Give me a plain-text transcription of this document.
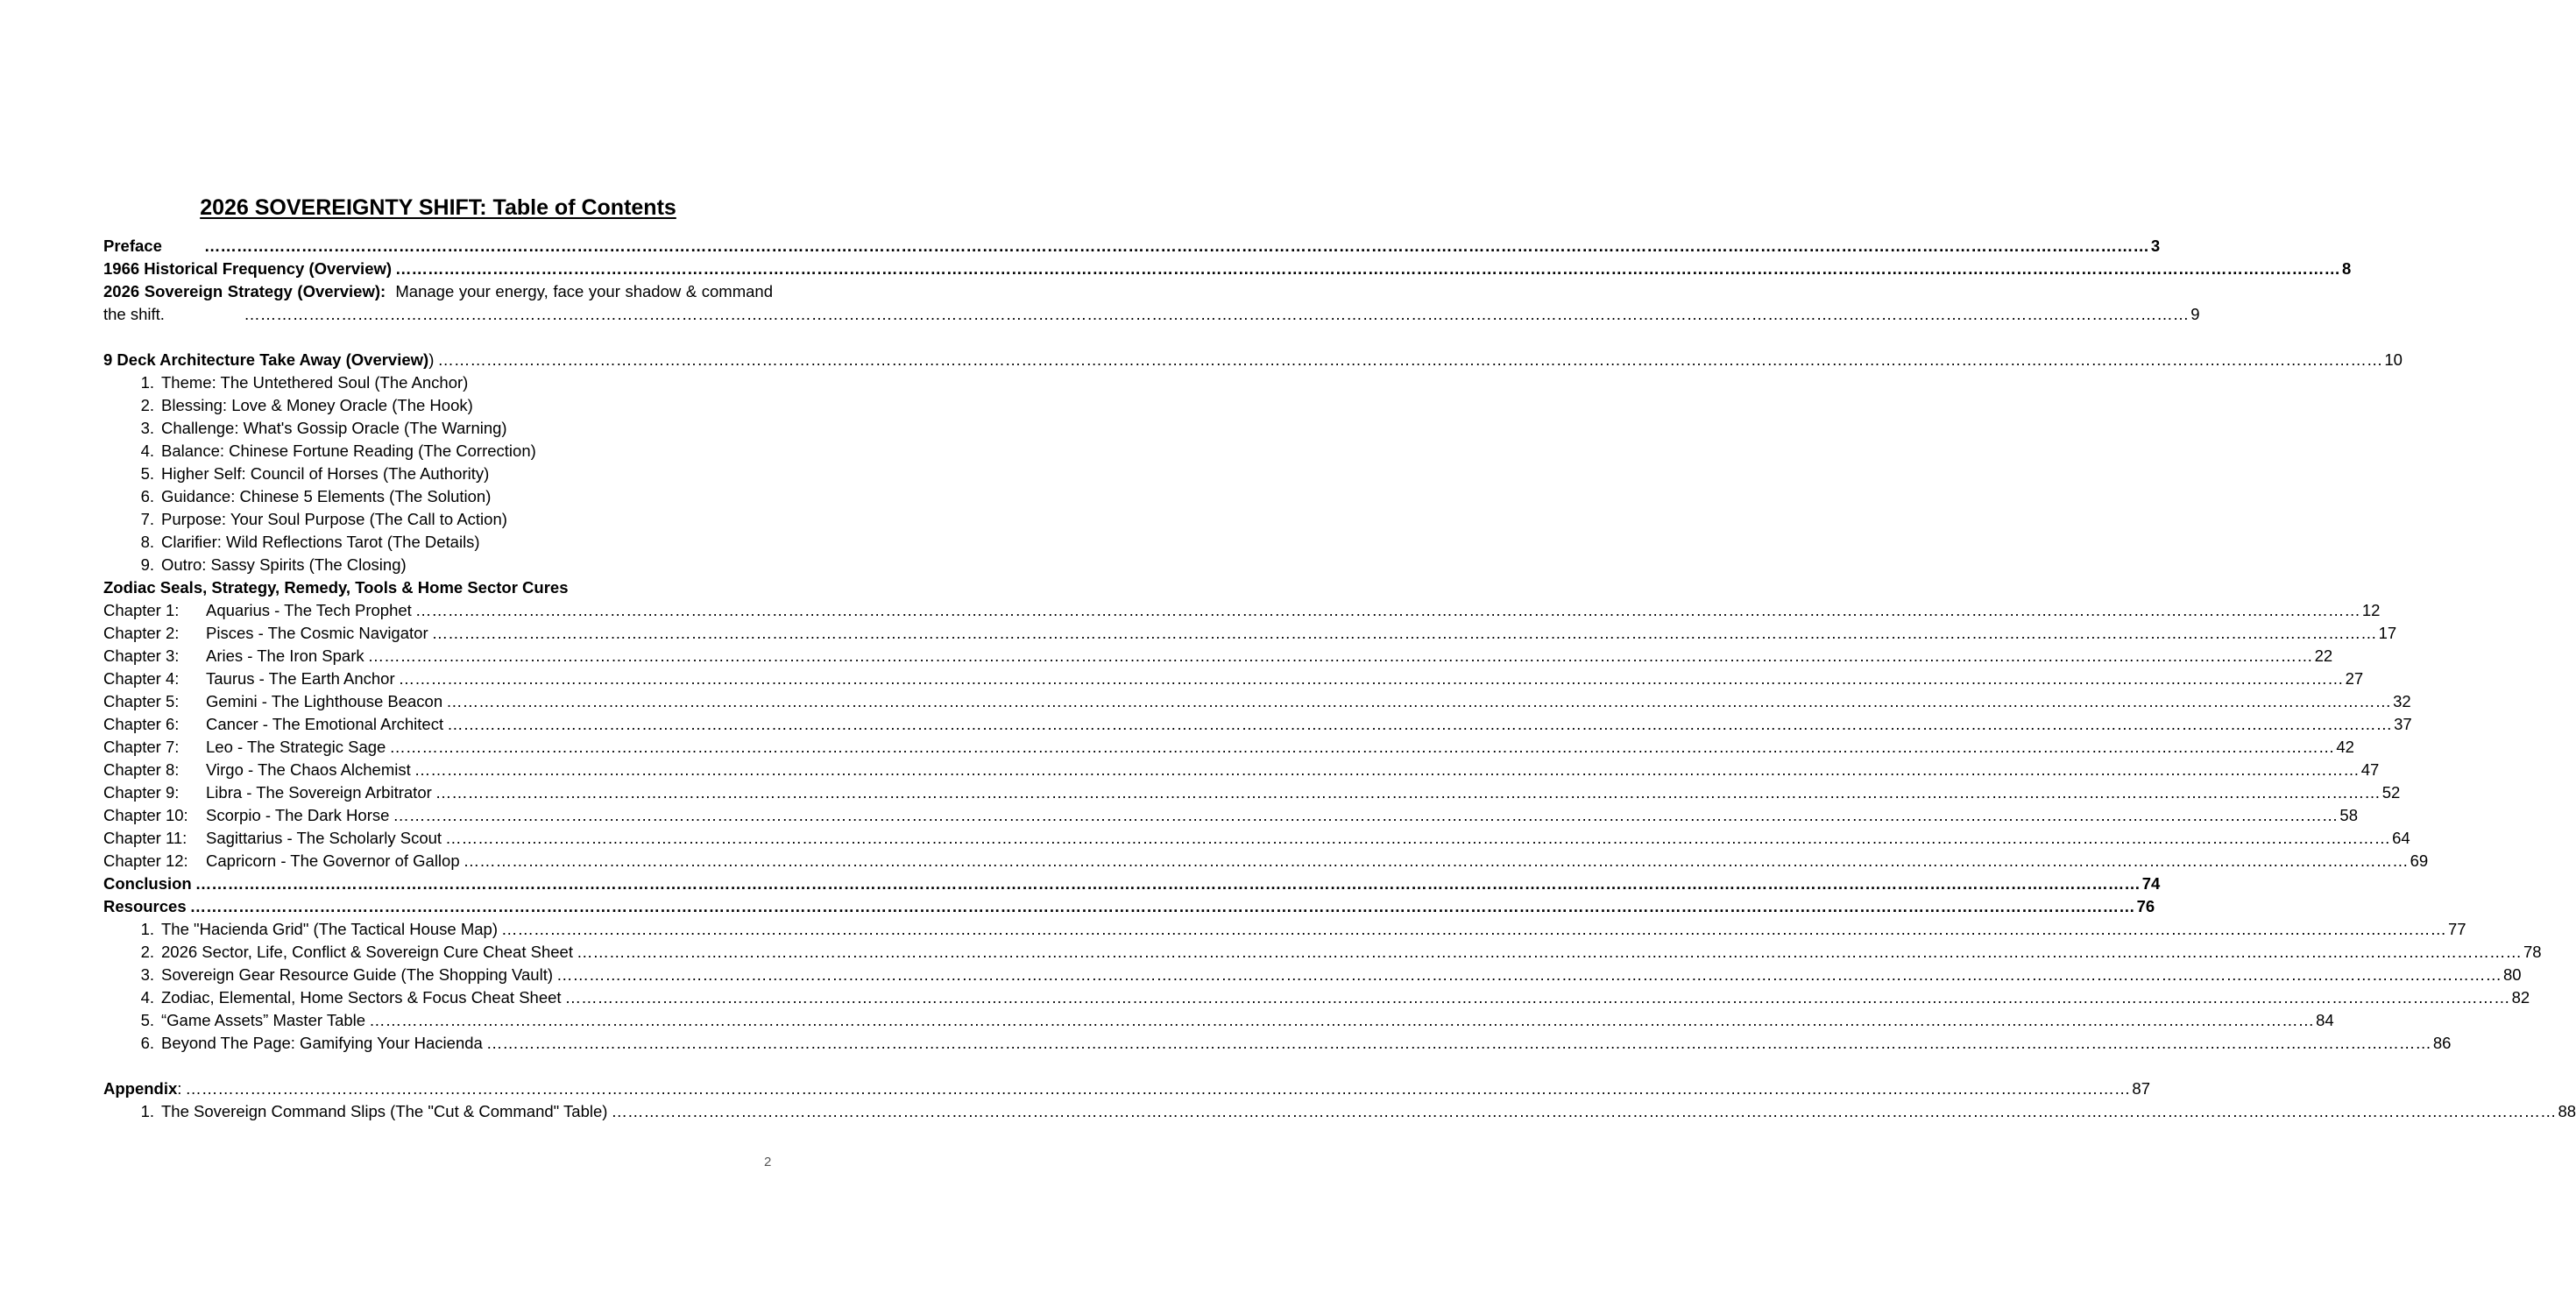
2026 SOVEREIGNTY SHIFT: Table of Contents
Preface	……………………………………………………………………………………………………………………………………………………………………………………………………………………………………………………………………………………………………………………………… 3
1966 Historical Frequency (Overview) ……………………………………………………………………………………………………………………………………………………………………………………………………………………………………………………………………………………………………………………………… 8
2026 Sovereign Strategy (Overview): Manage your energy, face your shadow & command the shift.	……………………………………………………………………………………………………………………………………………………………………………………………………………………………………………………………………………………………………………………………… 9
9 Deck Architecture Take Away (Overview) ) ……………………………………………………………………………………………………………………………………………………………………………………………………………………………………………………………………………………………………………………………… 10
1. Theme: The Untethered Soul (The Anchor)
2. Blessing: Love & Money Oracle (The Hook)
3. Challenge: What's Gossip Oracle (The Warning)
4. Balance: Chinese Fortune Reading (The Correction)
5. Higher Self: Council of Horses (The Authority)
6. Guidance: Chinese 5 Elements (The Solution)
7. Purpose: Your Soul Purpose (The Call to Action)
8. Clarifier: Wild Reflections Tarot (The Details)
9. Outro: Sassy Spirits (The Closing)
Zodiac Seals, Strategy, Remedy, Tools & Home Sector Cures
Chapter 1:	Aquarius - The Tech Prophet ……………………………………………………………………………………………………………………………………………………………………………………………………………………………………………………………………………………………………………………………… 12
Chapter 2:	Pisces - The Cosmic Navigator ……………………………………………………………………………………………………………………………………………………………………………………………………………………………………………………………………………………………………………………………… 17
Chapter 3:	Aries - The Iron Spark ……………………………………………………………………………………………………………………………………………………………………………………………………………………………………………………………………………………………………………………………… 22
Chapter 4:	Taurus - The Earth Anchor ……………………………………………………………………………………………………………………………………………………………………………………………………………………………………………………………………………………………………………………………… 27
Chapter 5:	Gemini - The Lighthouse Beacon ……………………………………………………………………………………………………………………………………………………………………………………………………………………………………………………………………………………………………………………………… 32
Chapter 6:	Cancer - The Emotional Architect ……………………………………………………………………………………………………………………………………………………………………………………………………………………………………………………………………………………………………………………………… 37
Chapter 7:	Leo - The Strategic Sage ……………………………………………………………………………………………………………………………………………………………………………………………………………………………………………………………………………………………………………………………… 42
Chapter 8:	Virgo - The Chaos Alchemist ……………………………………………………………………………………………………………………………………………………………………………………………………………………………………………………………………………………………………………………………… 47
Chapter 9:	Libra - The Sovereign Arbitrator ……………………………………………………………………………………………………………………………………………………………………………………………………………………………………………………………………………………………………………………………… 52
Chapter 10:	Scorpio - The Dark Horse ……………………………………………………………………………………………………………………………………………………………………………………………………………………………………………………………………………………………………………………………… 58
Chapter 11:	Sagittarius - The Scholarly Scout ……………………………………………………………………………………………………………………………………………………………………………………………………………………………………………………………………………………………………………………………… 64
Chapter 12:	Capricorn - The Governor of Gallop ……………………………………………………………………………………………………………………………………………………………………………………………………………………………………………………………………………………………………………………………… 69
Conclusion ……………………………………………………………………………………………………………………………………………………………………………………………………………………………………………………………………………………………………………………………… 74
Resources ……………………………………………………………………………………………………………………………………………………………………………………………………………………………………………………………………………………………………………………………… 76
1. The "Hacienda Grid" (The Tactical House Map) ……………………………………………………………………………………………………………………………………………………………………………………………………………………………………………………………………………………………………………………………… 77
2. 2026 Sector, Life, Conflict & Sovereign Cure Cheat Sheet ……………………………………………………………………………………………………………………………………………………………………………………………………………………………………………………………………………………………………………………………… 78
3. Sovereign Gear Resource Guide (The Shopping Vault) ……………………………………………………………………………………………………………………………………………………………………………………………………………………………………………………………………………………………………………………………… 80
4. Zodiac, Elemental, Home Sectors & Focus Cheat Sheet ……………………………………………………………………………………………………………………………………………………………………………………………………………………………………………………………………………………………………………………………… 82
5. “Game Assets” Master Table ……………………………………………………………………………………………………………………………………………………………………………………………………………………………………………………………………………………………………………………………… 84
6. Beyond The Page: Gamifying Your Hacienda ……………………………………………………………………………………………………………………………………………………………………………………………………………………………………………………………………………………………………………………………… 86
Appendix : ……………………………………………………………………………………………………………………………………………………………………………………………………………………………………………………………………………………………………………………………… 87
1. The Sovereign Command Slips (The "Cut & Command" Table) ……………………………………………………………………………………………………………………………………………………………………………………………………………………………………………………………………………………………………………………………… 88
2
